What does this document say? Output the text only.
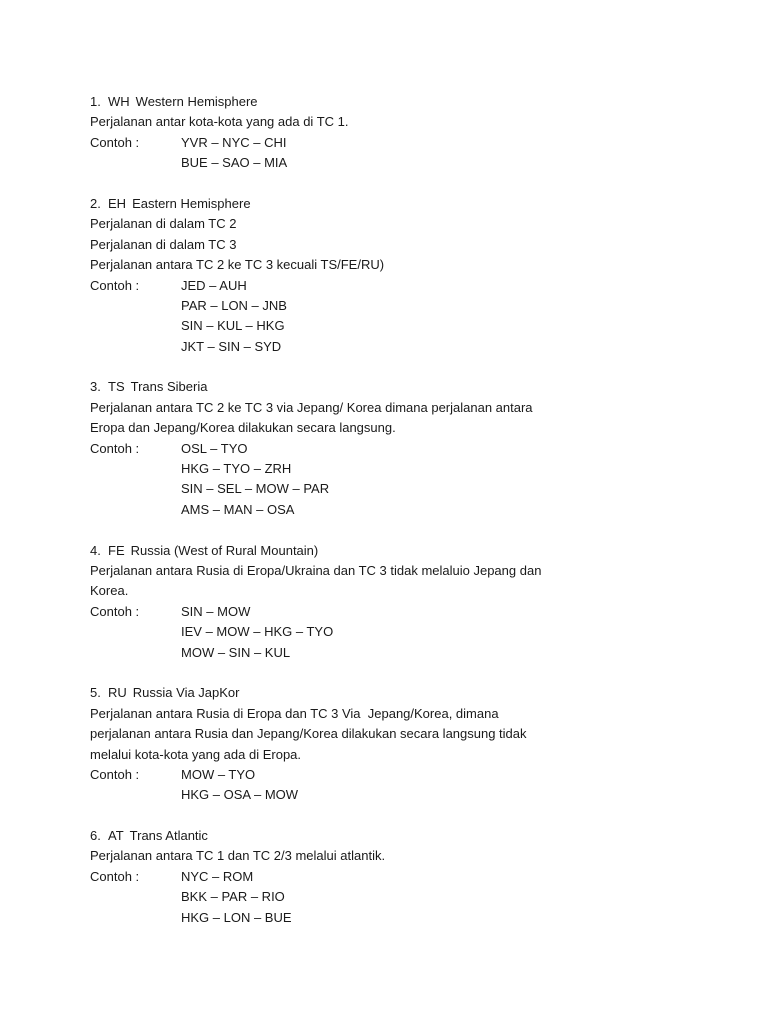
1. WH Western Hemisphere
Perjalanan antar kota-kota yang ada di TC 1.
Contoh :	YVR – NYC – CHI
BUE – SAO – MIA
2. EH Eastern Hemisphere
Perjalanan di dalam TC 2
Perjalanan di dalam TC 3
Perjalanan antara TC 2 ke TC 3 kecuali TS/FE/RU)
Contoh :	JED – AUH
PAR – LON – JNB
SIN – KUL – HKG
JKT – SIN – SYD
3. TS Trans Siberia
Perjalanan antara TC 2 ke TC 3 via Jepang/ Korea dimana perjalanan antara
Eropa dan Jepang/Korea dilakukan secara langsung.
Contoh :	OSL – TYO
HKG – TYO – ZRH
SIN – SEL – MOW – PAR
AMS – MAN – OSA
4. FE Russia (West of Rural Mountain)
Perjalanan antara Rusia di Eropa/Ukraina dan TC 3 tidak melaluio Jepang dan
Korea.
Contoh :	SIN – MOW
IEV – MOW – HKG – TYO
MOW – SIN – KUL
5. RU Russia Via JapKor
Perjalanan antara Rusia di Eropa dan TC 3 Via  Jepang/Korea, dimana
perjalanan antara Rusia dan Jepang/Korea dilakukan secara langsung tidak
melalui kota-kota yang ada di Eropa.
Contoh :	MOW – TYO
HKG – OSA – MOW
6. AT Trans Atlantic
Perjalanan antara TC 1 dan TC 2/3 melalui atlantik.
Contoh :	NYC – ROM
BKK – PAR – RIO
HKG – LON – BUE
